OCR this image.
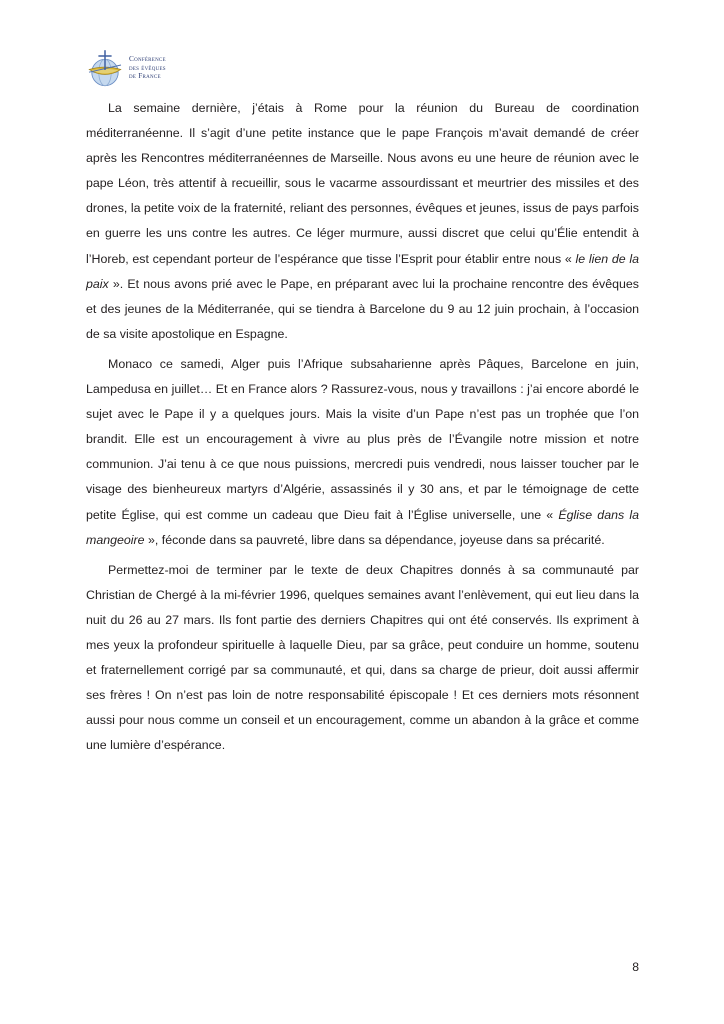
Conférence
des évêques
de France

La semaine dernière, j’étais à Rome pour la réunion du Bureau de coordination méditerranéenne. Il s’agit d’une petite instance que le pape François m’avait demandé de créer après les Rencontres méditerranéennes de Marseille. Nous avons eu une heure de réunion avec le pape Léon, très attentif à recueillir, sous le vacarme assourdissant et meurtrier des missiles et des drones, la petite voix de la fraternité, reliant des personnes, évêques et jeunes, issus de pays parfois en guerre les uns contre les autres. Ce léger murmure, aussi discret que celui qu’Élie entendit à l’Horeb, est cependant porteur de l’espérance que tisse l’Esprit pour établir entre nous « le lien de la paix ». Et nous avons prié avec le Pape, en préparant avec lui la prochaine rencontre des évêques et des jeunes de la Méditerranée, qui se tiendra à Barcelone du 9 au 12 juin prochain, à l’occasion de sa visite apostolique en Espagne.

Monaco ce samedi, Alger puis l’Afrique subsaharienne après Pâques, Barcelone en juin, Lampedusa en juillet… Et en France alors ? Rassurez-vous, nous y travaillons : j’ai encore abordé le sujet avec le Pape il y a quelques jours. Mais la visite d’un Pape n’est pas un trophée que l’on brandit. Elle est un encouragement à vivre au plus près de l’Évangile notre mission et notre communion. J’ai tenu à ce que nous puissions, mercredi puis vendredi, nous laisser toucher par le visage des bienheureux martyrs d’Algérie, assassinés il y 30 ans, et par le témoignage de cette petite Église, qui est comme un cadeau que Dieu fait à l’Église universelle, une « Église dans la mangeoire », féconde dans sa pauvreté, libre dans sa dépendance, joyeuse dans sa précarité.

Permettez-moi de terminer par le texte de deux Chapitres donnés à sa communauté par Christian de Chergé à la mi-février 1996, quelques semaines avant l’enlèvement, qui eut lieu dans la nuit du 26 au 27 mars. Ils font partie des derniers Chapitres qui ont été conservés. Ils expriment à mes yeux la profondeur spirituelle à laquelle Dieu, par sa grâce, peut conduire un homme, soutenu et fraternellement corrigé par sa communauté, et qui, dans sa charge de prieur, doit aussi affermir ses frères ! On n’est pas loin de notre responsabilité épiscopale ! Et ces derniers mots résonnent aussi pour nous comme un conseil et un encouragement, comme un abandon à la grâce et comme une lumière d’espérance.

8
